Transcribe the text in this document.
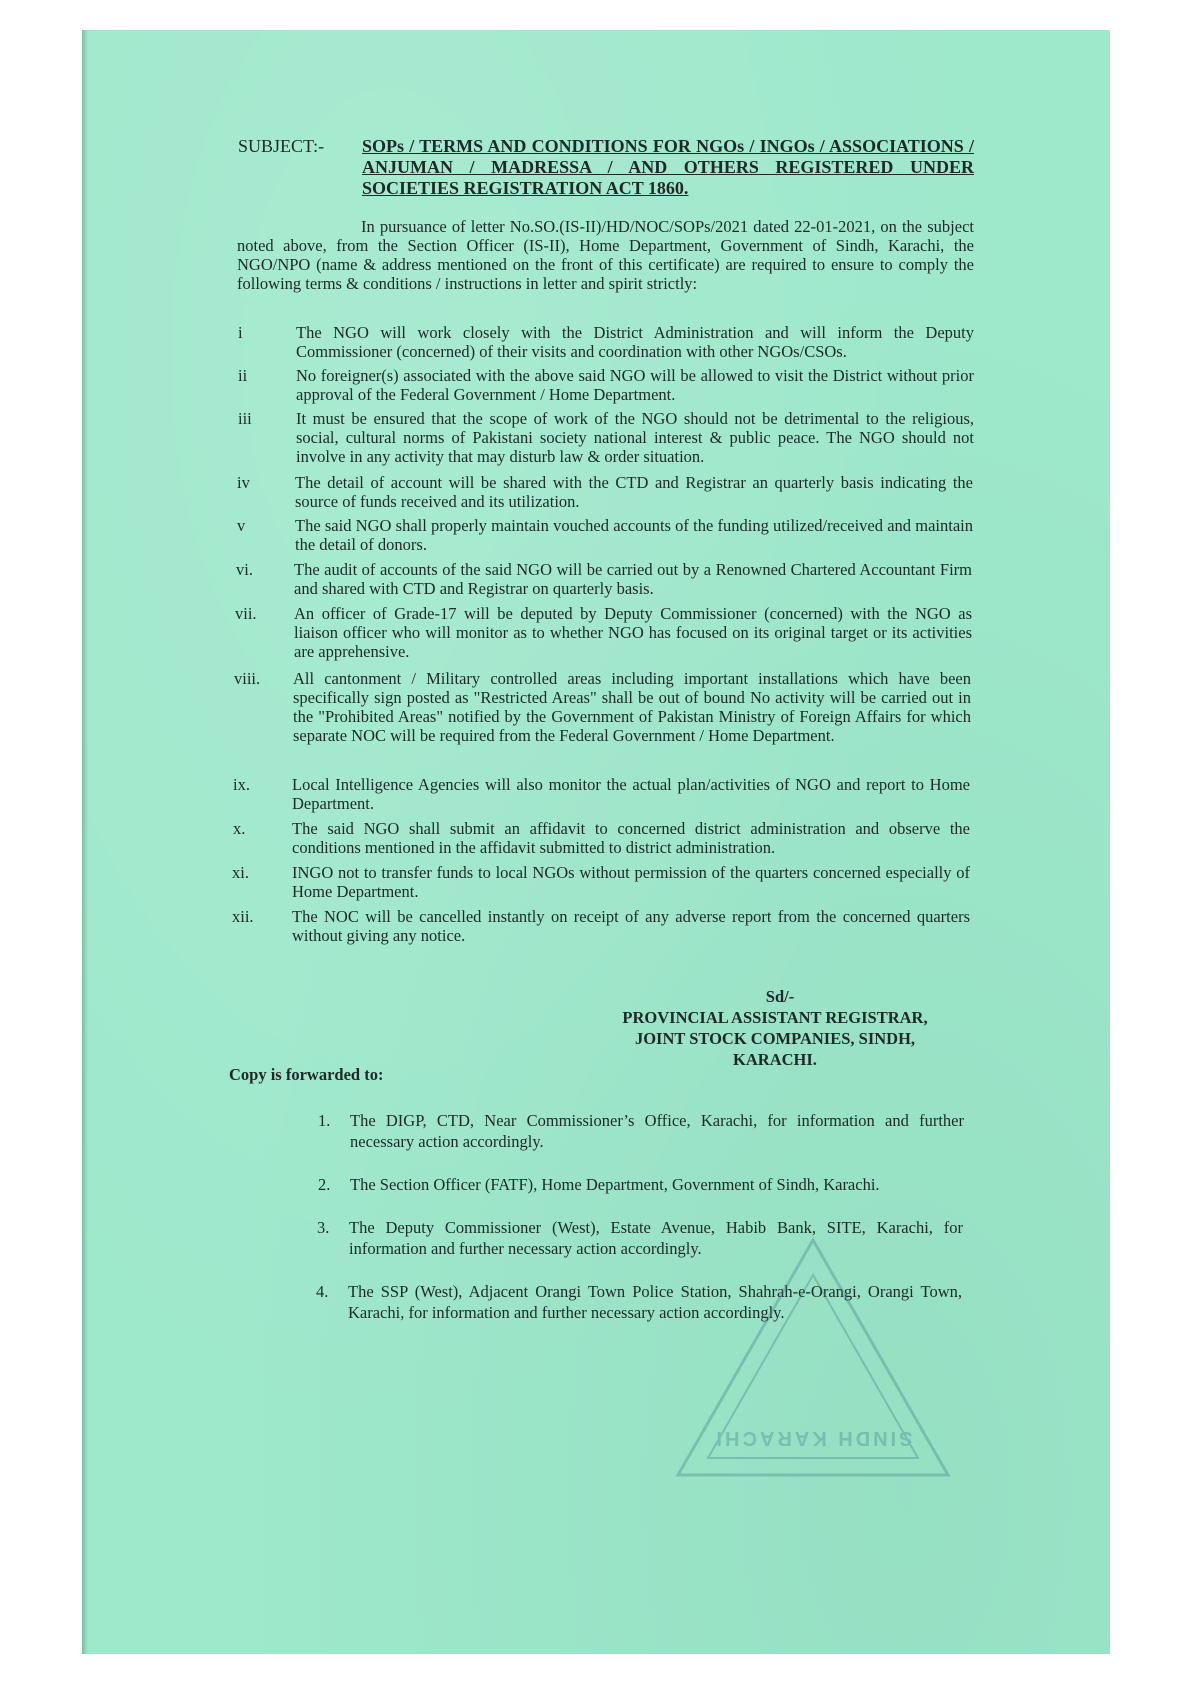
SUBJECT:- SOPs / TERMS AND CONDITIONS FOR NGOs / INGOs / ASSOCIATIONS / ANJUMAN / MADRESSA / AND OTHERS REGISTERED UNDER SOCIETIES REGISTRATION ACT 1860.
In pursuance of letter No.SO.(IS-II)/HD/NOC/SOPs/2021 dated 22-01-2021, on the subject noted above, from the Section Officer (IS-II), Home Department, Government of Sindh, Karachi, the NGO/NPO (name & address mentioned on the front of this certificate) are required to ensure to comply the following terms & conditions / instructions in letter and spirit strictly:
i	The NGO will work closely with the District Administration and will inform the Deputy Commissioner (concerned) of their visits and coordination with other NGOs/CSOs.
ii	No foreigner(s) associated with the above said NGO will be allowed to visit the District without prior approval of the Federal Government / Home Department.
iii	It must be ensured that the scope of work of the NGO should not be detrimental to the religious, social, cultural norms of Pakistani society national interest & public peace. The NGO should not involve in any activity that may disturb law & order situation.
iv	The detail of account will be shared with the CTD and Registrar an quarterly basis indicating the source of funds received and its utilization.
v	The said NGO shall properly maintain vouched accounts of the funding utilized/received and maintain the detail of donors.
vi. The audit of accounts of the said NGO will be carried out by a Renowned Chartered Accountant Firm and shared with CTD and Registrar on quarterly basis.
vii. An officer of Grade-17 will be deputed by Deputy Commissioner (concerned) with the NGO as liaison officer who will monitor as to whether NGO has focused on its original target or its activities are apprehensive.
viii. All cantonment / Military controlled areas including important installations which have been specifically sign posted as "Restricted Areas" shall be out of bound No activity will be carried out in the "Prohibited Areas" notified by the Government of Pakistan Ministry of Foreign Affairs for which separate NOC will be required from the Federal Government / Home Department.
ix.	Local Intelligence Agencies will also monitor the actual plan/activities of NGO and report to Home Department.
x.	The said NGO shall submit an affidavit to concerned district administration and observe the conditions mentioned in the affidavit submitted to district administration.
xi.	INGO not to transfer funds to local NGOs without permission of the quarters concerned especially of Home Department.
xii. The NOC will be cancelled instantly on receipt of any adverse report from the concerned quarters without giving any notice.
Sd/-
PROVINCIAL ASSISTANT REGISTRAR,
JOINT STOCK COMPANIES, SINDH,
KARACHI.
Copy is forwarded to:
1. The DIGP, CTD, Near Commissioner’s Office, Karachi, for information and further necessary action accordingly.
2. The Section Officer (FATF), Home Department, Government of Sindh, Karachi.
3. The Deputy Commissioner (West), Estate Avenue, Habib Bank, SITE, Karachi, for information and further necessary action accordingly.
4. The SSP (West), Adjacent Orangi Town Police Station, Shahrah-e-Orangi, Orangi Town, Karachi, for information and further necessary action accordingly.
SINDH KARACHI
